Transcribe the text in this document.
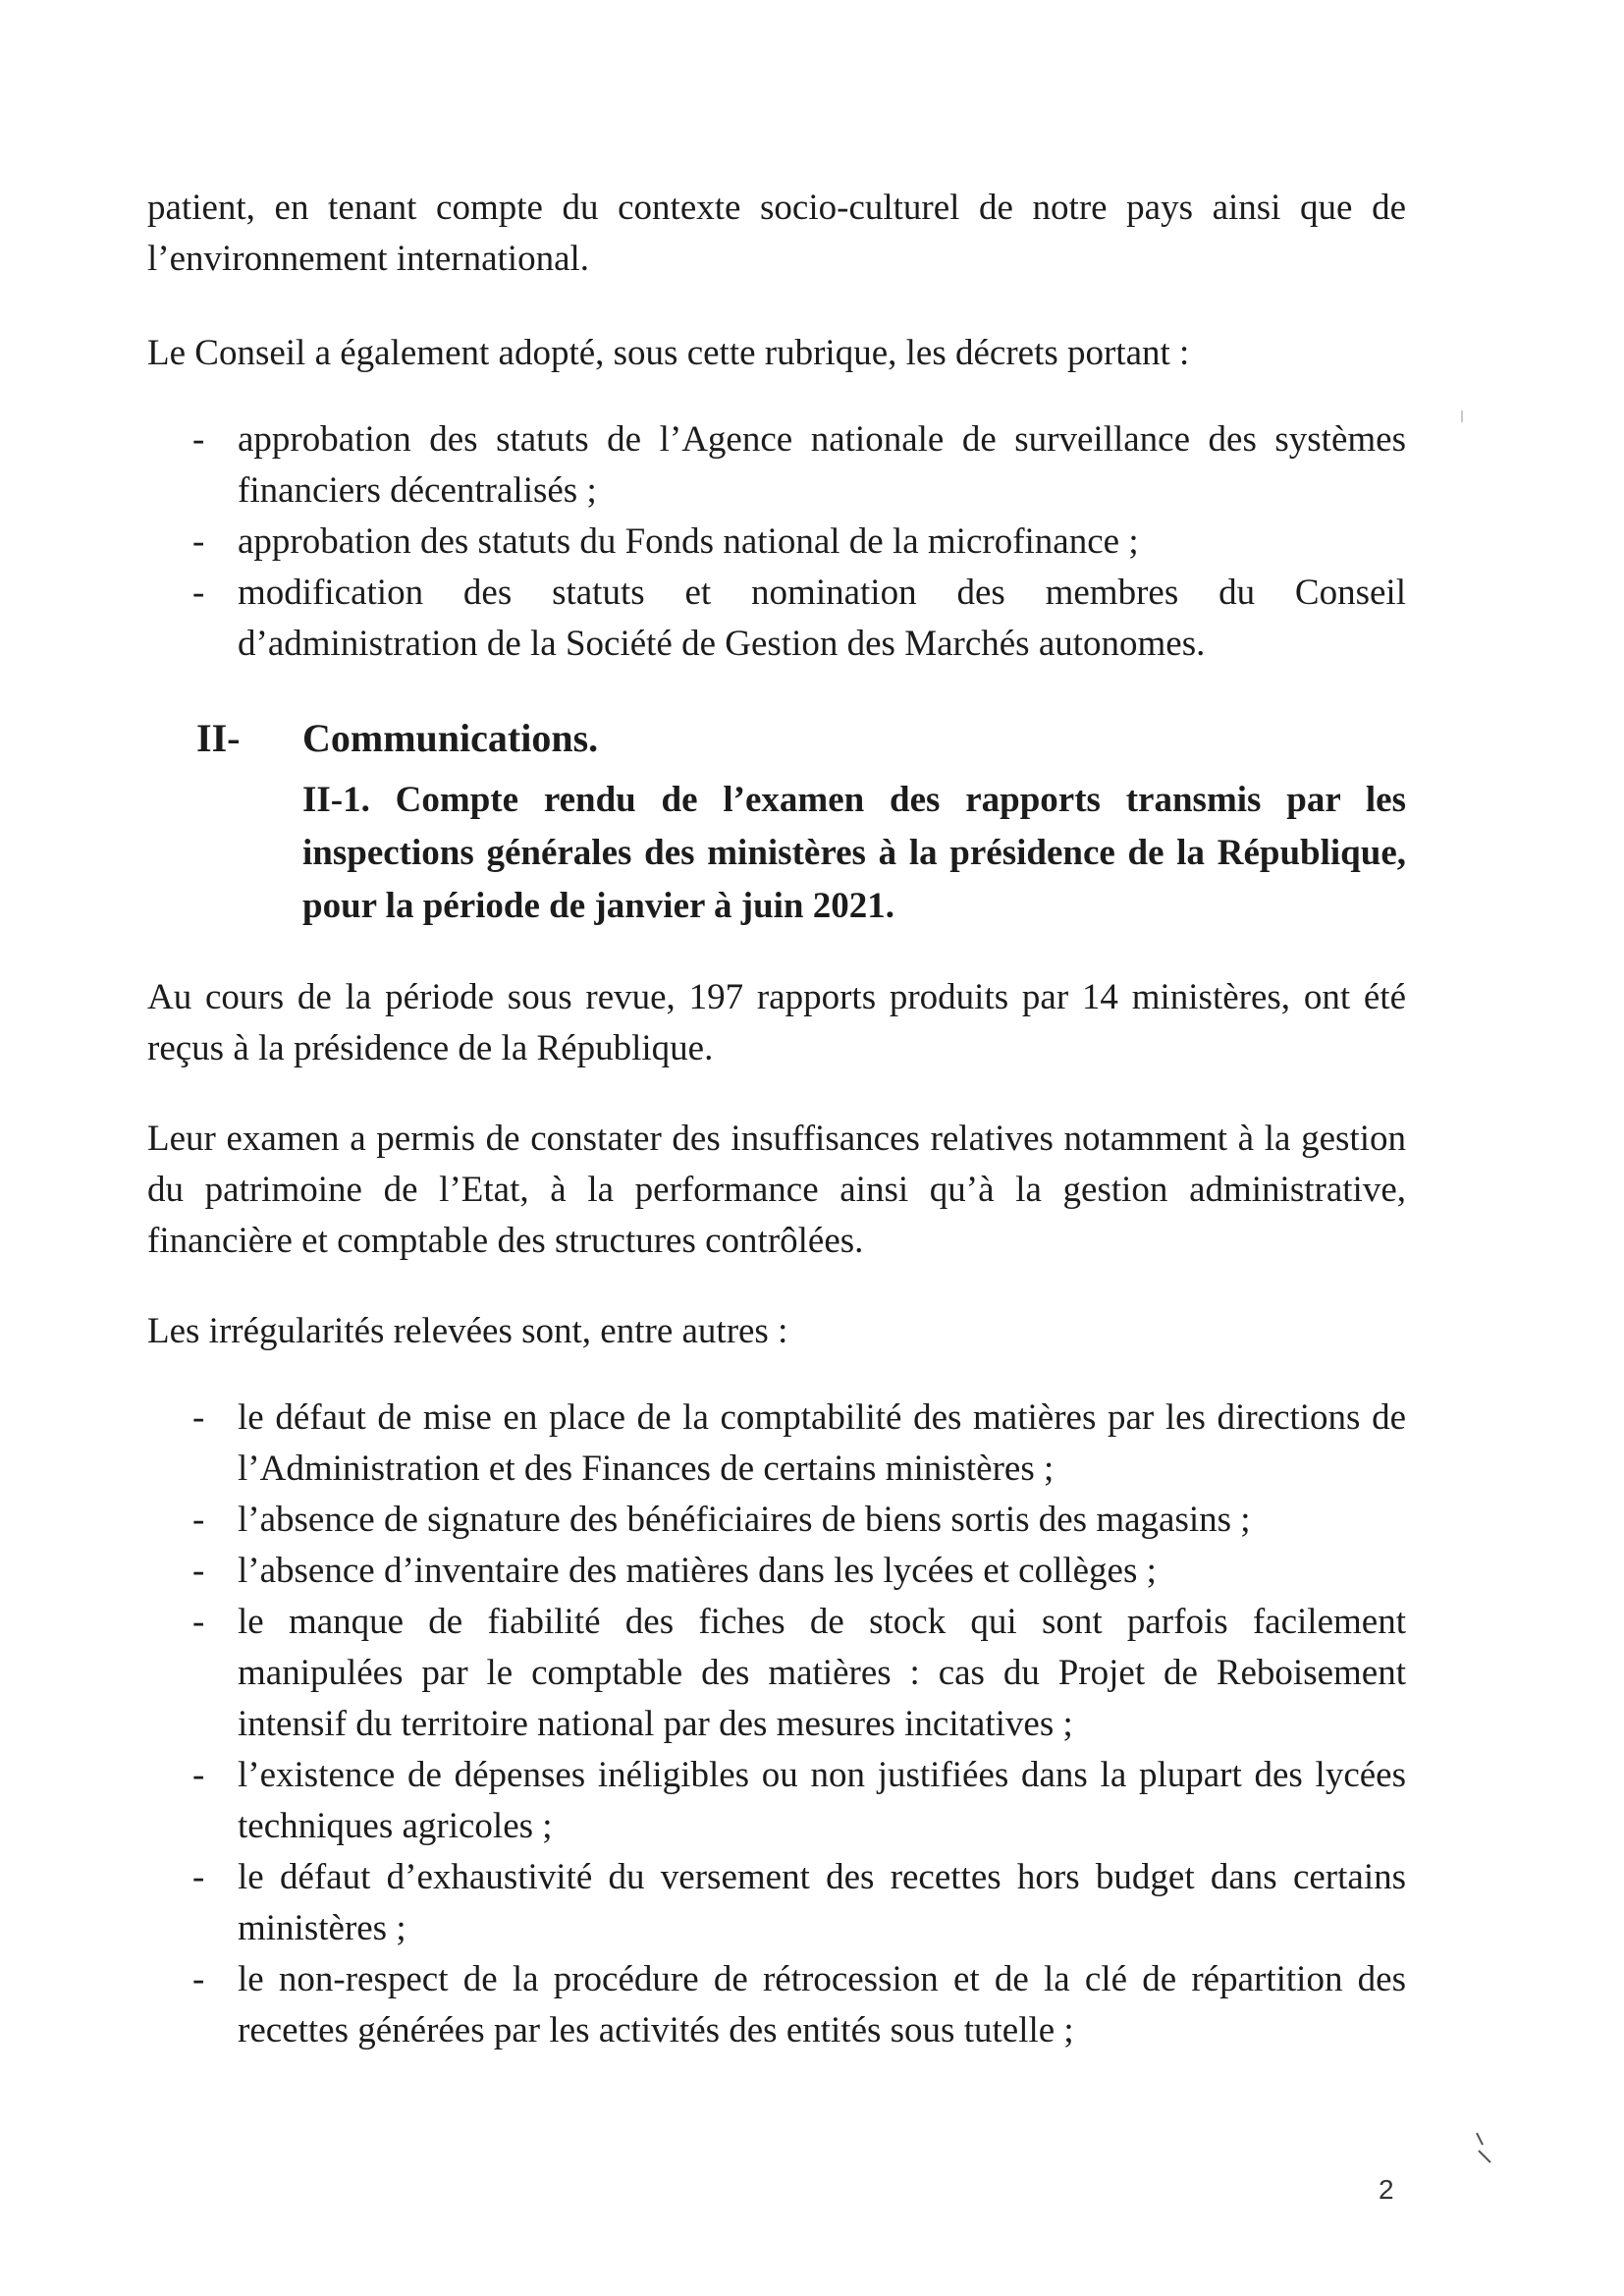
patient, en tenant compte du contexte socio-culturel de notre pays ainsi que de l’environnement international.

Le Conseil a également adopté, sous cette rubrique, les décrets portant :

- approbation des statuts de l’Agence nationale de surveillance des systèmes financiers décentralisés ;
- approbation des statuts du Fonds national de la microfinance ;
- modification des statuts et nomination des membres du Conseil d’administration de la Société de Gestion des Marchés autonomes.
II-	Communications.
II-1. Compte rendu de l’examen des rapports transmis par les inspections générales des ministères à la présidence de la République, pour la période de janvier à juin 2021.

Au cours de la période sous revue, 197 rapports produits par 14 ministères, ont été reçus à la présidence de la République.

Leur examen a permis de constater des insuffisances relatives notamment à la gestion du patrimoine de l’Etat, à la performance ainsi qu’à la gestion administrative, financière et comptable des structures contrôlées.

Les irrégularités relevées sont, entre autres :

- le défaut de mise en place de la comptabilité des matières par les directions de l’Administration et des Finances de certains ministères ;
- l’absence de signature des bénéficiaires de biens sortis des magasins ;
- l’absence d’inventaire des matières dans les lycées et collèges ;
- le manque de fiabilité des fiches de stock qui sont parfois facilement manipulées par le comptable des matières : cas du Projet de Reboisement intensif du territoire national par des mesures incitatives ;
- l’existence de dépenses inéligibles ou non justifiées dans la plupart des lycées techniques agricoles ;
- le défaut d’exhaustivité du versement des recettes hors budget dans certains ministères ;
- le non-respect de la procédure de rétrocession et de la clé de répartition des recettes générées par les activités des entités sous tutelle ;
2
